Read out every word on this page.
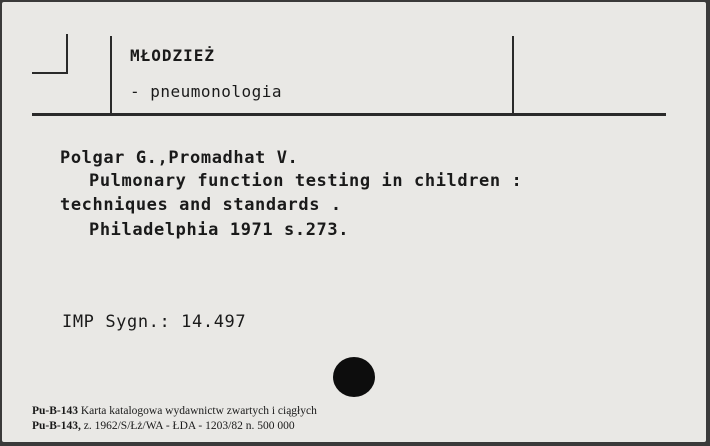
MŁODZIEŻ
- pneumonologia
Polgar G.,Promadhat V.
Pulmonary function testing in children :
techniques and standards .
Philadelphia 1971 s.273.
IMP Sygn.: 14.497
Pu-B-143 Karta katalogowa wydawnictw zwartych i ciągłych
Pu-B-143, z. 1962/S/Łż/WA - ŁDA - 1203/82 n. 500 000
